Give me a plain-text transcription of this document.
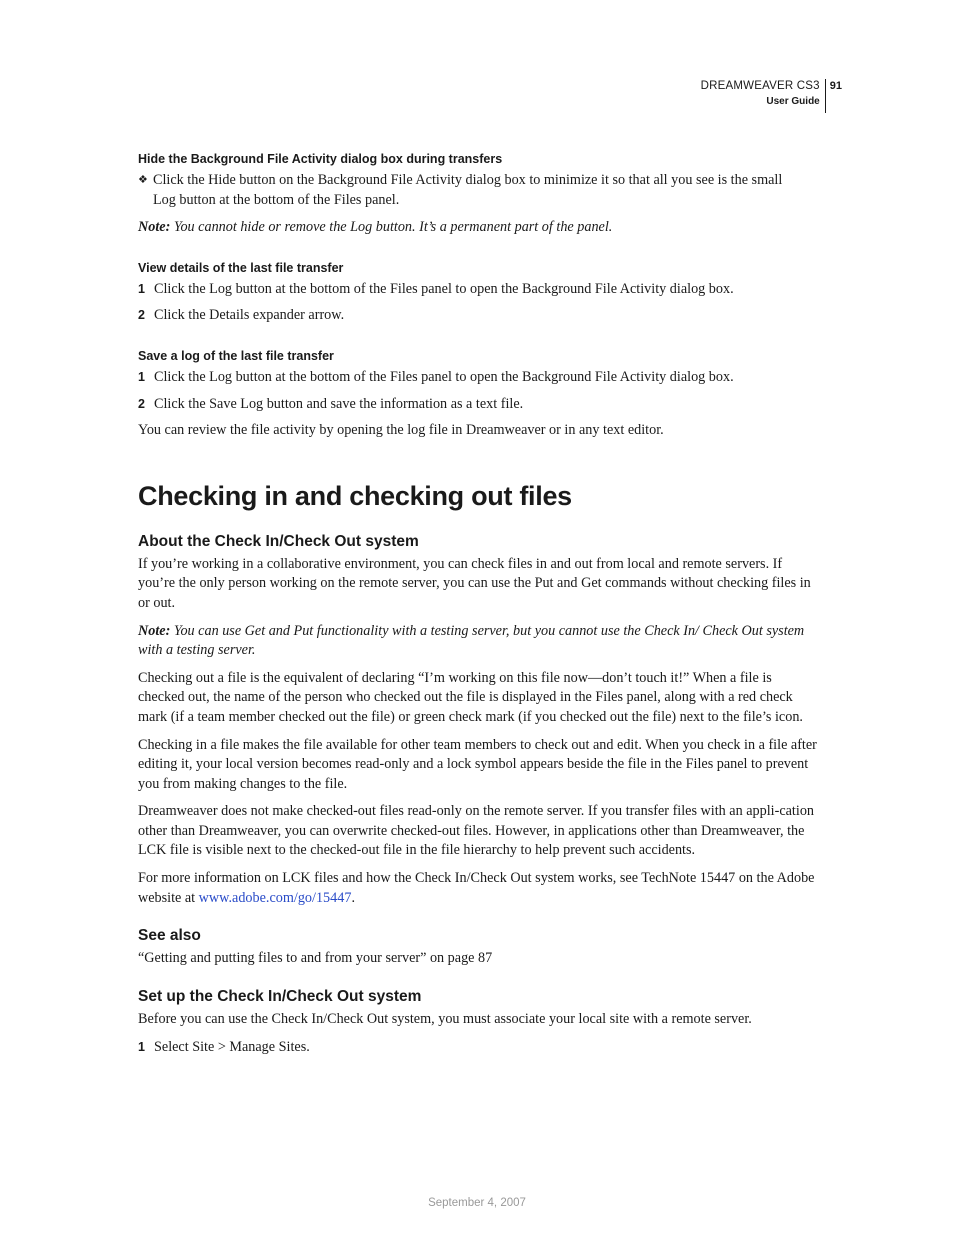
DREAMWEAVER CS3
User Guide
91
Hide the Background File Activity dialog box during transfers
❖ Click the Hide button on the Background File Activity dialog box to minimize it so that all you see is the small Log button at the bottom of the Files panel.

Note: You cannot hide or remove the Log button. It’s a permanent part of the panel.

View details of the last file transfer
1 Click the Log button at the bottom of the Files panel to open the Background File Activity dialog box.
2 Click the Details expander arrow.
Save a log of the last file transfer
1 Click the Log button at the bottom of the Files panel to open the Background File Activity dialog box.
2 Click the Save Log button and save the information as a text file.

You can review the file activity by opening the log file in Dreamweaver or in any text editor.

Checking in and checking out files
About the Check In/Check Out system

If you’re working in a collaborative environment, you can check files in and out from local and remote servers. If you’re the only person working on the remote server, you can use the Put and Get commands without checking files in or out.

Note: You can use Get and Put functionality with a testing server, but you cannot use the Check In/ Check Out system with a testing server.

Checking out a file is the equivalent of declaring “I’m working on this file now—don’t touch it!” When a file is checked out, the name of the person who checked out the file is displayed in the Files panel, along with a red check mark (if a team member checked out the file) or green check mark (if you checked out the file) next to the file’s icon.

Checking in a file makes the file available for other team members to check out and edit. When you check in a file after editing it, your local version becomes read-only and a lock symbol appears beside the file in the Files panel to prevent you from making changes to the file.

Dreamweaver does not make checked-out files read-only on the remote server. If you transfer files with an appli-cation other than Dreamweaver, you can overwrite checked-out files. However, in applications other than Dreamweaver, the LCK file is visible next to the checked-out file in the file hierarchy to help prevent such accidents.

For more information on LCK files and how the Check In/Check Out system works, see TechNote 15447 on the Adobe website at www.adobe.com/go/15447.

See also

“Getting and putting files to and from your server” on page 87

Set up the Check In/Check Out system

Before you can use the Check In/Check Out system, you must associate your local site with a remote server.

1 Select Site > Manage Sites.
September 4, 2007
